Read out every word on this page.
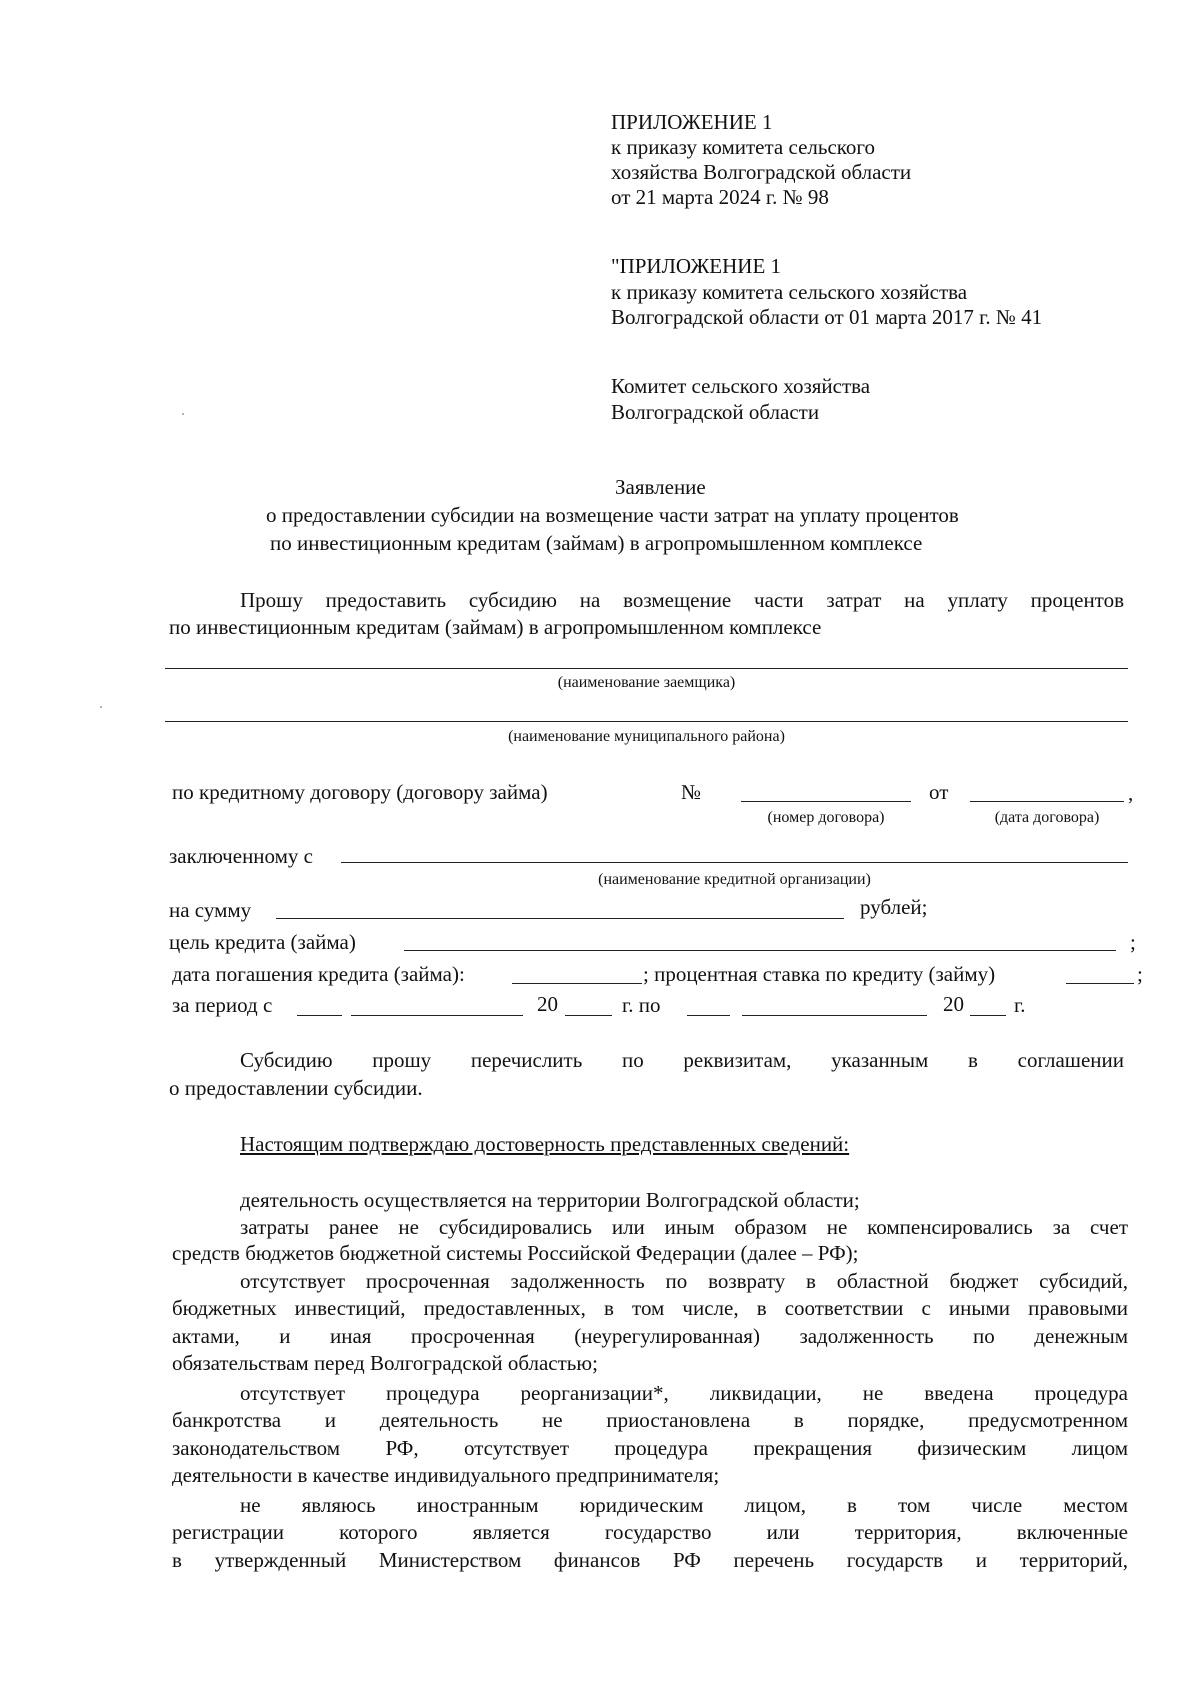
ПРИЛОЖЕНИЕ 1
к приказу комитета сельского
хозяйства Волгоградской области
от 21 марта 2024 г. № 98
"ПРИЛОЖЕНИЕ 1
к приказу комитета сельского хозяйства
Волгоградской области от 01 марта 2017 г. № 41
Комитет сельского хозяйства
Волгоградской области
Заявление
о предоставлении субсидии на возмещение части затрат на уплату процентов
по инвестиционным кредитам (займам) в агропромышленном комплексе
Прошу предоставить субсидию на возмещение части затрат на уплату процентов
по инвестиционным кредитам (займам) в агропромышленном комплексе
(наименование заемщика)
(наименование муниципального района)
по кредитному договору (договору займа)	№	от	,
(номер договора)	(дата договора)
заключенному с
(наименование кредитной организации)
на сумму	рублей;
цель кредита (займа)	;
дата погашения кредита (займа):	; процентная ставка по кредиту (займу)	;
за период с	20	г. по	20 г.
Субсидию прошу перечислить по реквизитам, указанным в соглашении
о предоставлении субсидии.
Настоящим подтверждаю достоверность представленных сведений:
деятельность осуществляется на территории Волгоградской области;
затраты ранее не субсидировались или иным образом не компенсировались за счет
средств бюджетов бюджетной системы Российской Федерации (далее – РФ);
отсутствует просроченная задолженность по возврату в областной бюджет субсидий,
бюджетных инвестиций, предоставленных, в том числе, в соответствии с иными правовыми
актами, и иная просроченная (неурегулированная) задолженность по денежным
обязательствам перед Волгоградской областью;
отсутствует процедура реорганизации*, ликвидации, не введена процедура
банкротства и деятельность не приостановлена в порядке, предусмотренном
законодательством РФ, отсутствует процедура прекращения физическим лицом
деятельности в качестве индивидуального предпринимателя;
не являюсь иностранным юридическим лицом, в том числе местом
регистрации которого является государство или территория, включенные
в утвержденный Министерством финансов РФ перечень государств и территорий,
